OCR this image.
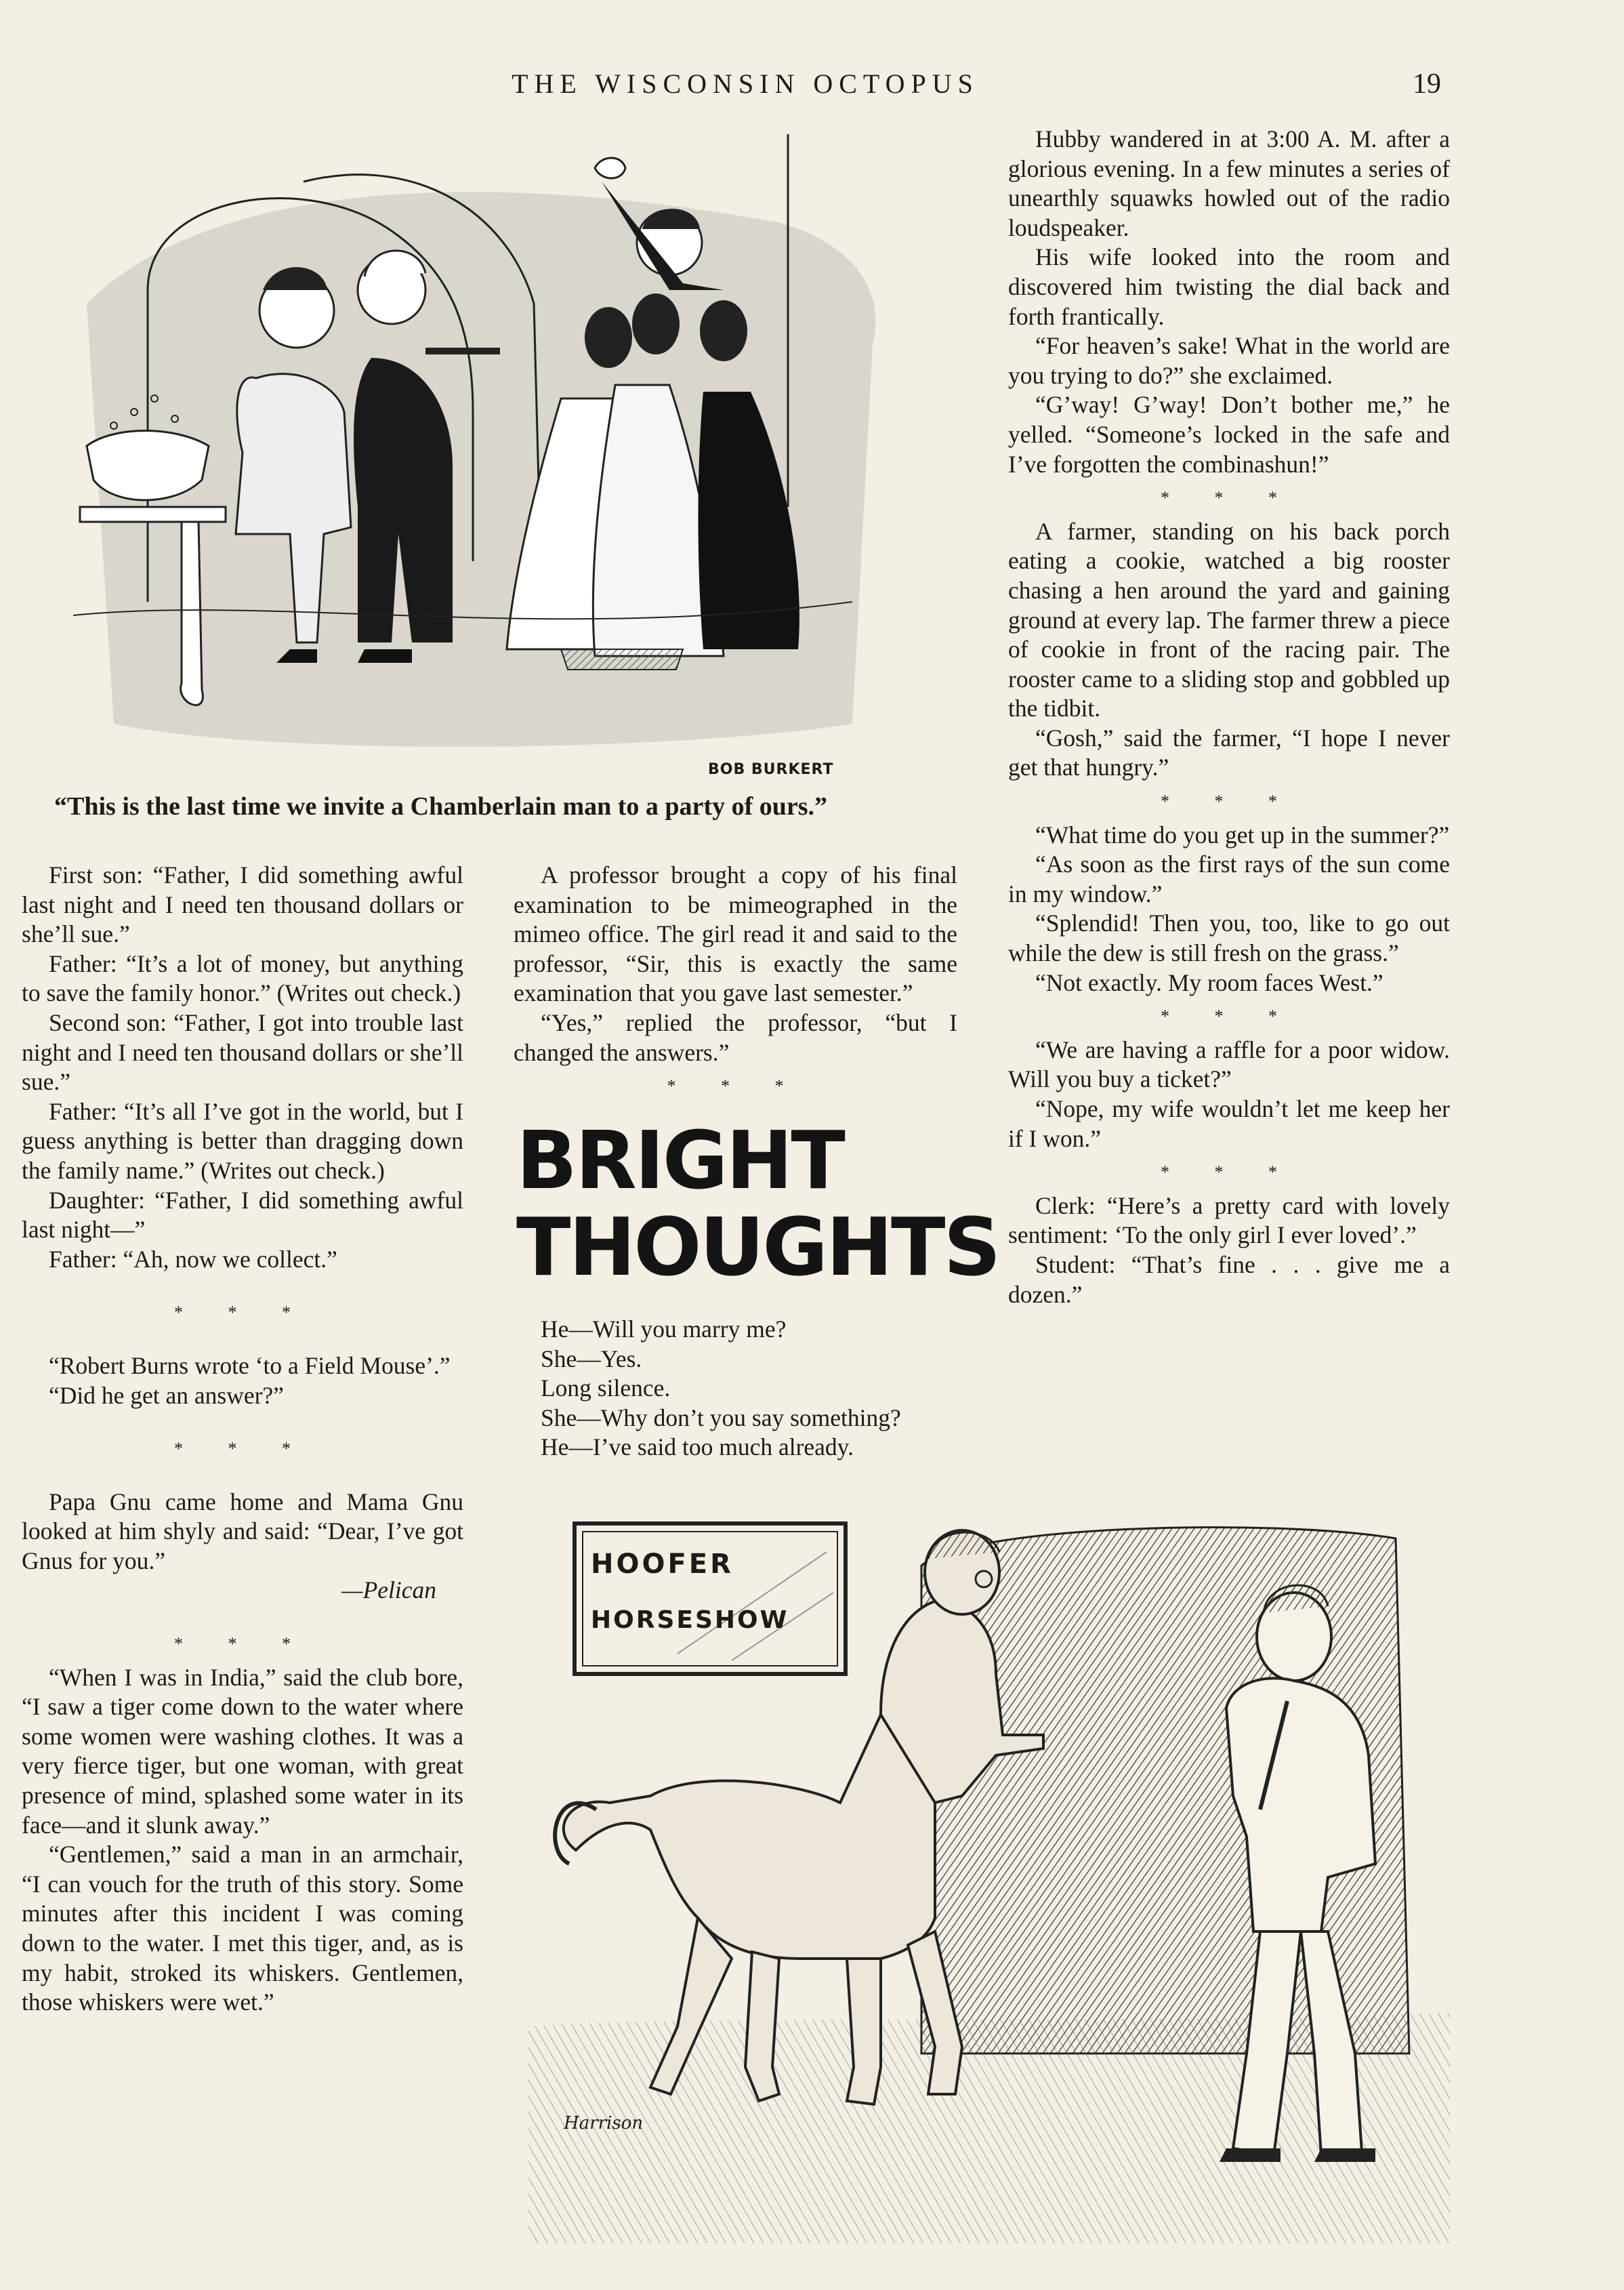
THE WISCONSIN OCTOPUS	19
BOB BURKERT
“This is the last time we invite a Chamberlain man to a party of ours.”

First son: “Father, I did something awful last night and I need ten thousand dollars or she’ll sue.”

Father: “It’s a lot of money, but anything to save the family honor.” (Writes out check.)

Second son: “Father, I got into trouble last night and I need ten thousand dollars or she’ll sue.”

Father: “It’s all I’ve got in the world, but I guess anything is better than dragging down the family name.” (Writes out check.)

Daughter: “Father, I did something awful last night—”

Father: “Ah, now we collect.”

* * *

“Robert Burns wrote ‘to a Field Mouse’.”

“Did he get an answer?”

* * *

Papa Gnu came home and Mama Gnu looked at him shyly and said: “Dear, I’ve got Gnus for you.”

—Pelican

* * *

“When I was in India,” said the club bore, “I saw a tiger come down to the water where some women were washing clothes. It was a very fierce tiger, but one woman, with great presence of mind, splashed some water in its face—and it slunk away.”

“Gentlemen,” said a man in an armchair, “I can vouch for the truth of this story. Some minutes after this incident I was coming down to the water. I met this tiger, and, as is my habit, stroked its whiskers. Gentlemen, those whiskers were wet.”

A professor brought a copy of his final examination to be mimeographed in the mimeo office. The girl read it and said to the professor, “Sir, this is exactly the same examination that you gave last semester.”

“Yes,” replied the professor, “but I changed the answers.”

* * *

BRIGHT
THOUGHTS
He—Will you marry me?
She—Yes.
Long silence.
She—Why don’t you say something?
He—I’ve said too much already.

Hubby wandered in at 3:00 A. M. after a glorious evening. In a few minutes a series of unearthly squawks howled out of the radio loudspeaker.

His wife looked into the room and discovered him twisting the dial back and forth frantically.

“For heaven’s sake! What in the world are you trying to do?” she exclaimed.

“G’way! G’way! Don’t bother me,” he yelled. “Someone’s locked in the safe and I’ve forgotten the combinashun!”

* * *

A farmer, standing on his back porch eating a cookie, watched a big rooster chasing a hen around the yard and gaining ground at every lap. The farmer threw a piece of cookie in front of the racing pair. The rooster came to a sliding stop and gobbled up the tidbit.

“Gosh,” said the farmer, “I hope I never get that hungry.”

* * *

“What time do you get up in the summer?”

“As soon as the first rays of the sun come in my window.”

“Splendid! Then you, too, like to go out while the dew is still fresh on the grass.”

“Not exactly. My room faces West.”

* * *

“We are having a raffle for a poor widow. Will you buy a ticket?”

“Nope, my wife wouldn’t let me keep her if I won.”

* * *

Clerk: “Here’s a pretty card with lovely sentiment: ‘To the only girl I ever loved’.”

Student: “That’s fine . . . give me a dozen.”

HOOFER
HORSESHOW
Harrison
